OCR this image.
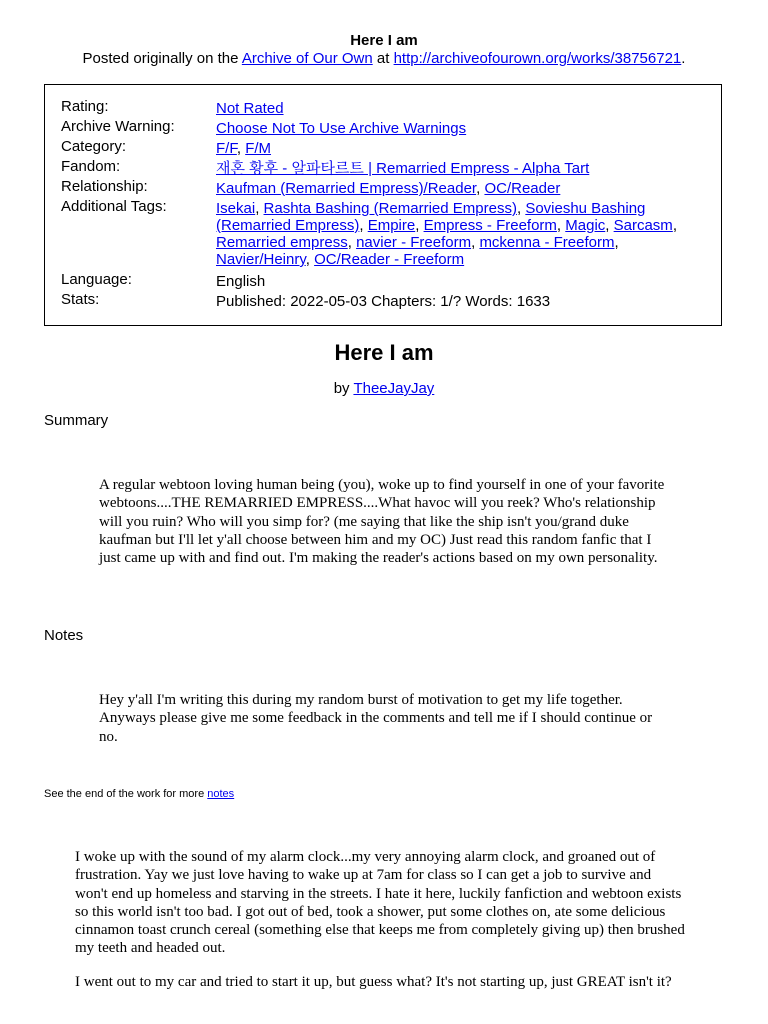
Here I am
Posted originally on the Archive of Our Own at http://archiveofourown.org/works/38756721.
Rating:	Not Rated
Archive Warning:	Choose Not To Use Archive Warnings
Category:	F/F, F/M
Fandom:	재혼 황후 - 알파타르트 | Remarried Empress - Alpha Tart
Relationship:	Kaufman (Remarried Empress)/Reader, OC/Reader
Additional Tags:	Isekai, Rashta Bashing (Remarried Empress), Sovieshu Bashing (Remarried Empress), Empire, Empress - Freeform, Magic, Sarcasm, Remarried empress, navier - Freeform, mckenna - Freeform, Navier/Heinry, OC/Reader - Freeform
Language:	English
Stats:	Published: 2022-05-03 Chapters: 1/? Words: 1633
Here I am
by TheeJayJay
Summary
A regular webtoon loving human being (you), woke up to find yourself in one of your favorite webtoons....THE REMARRIED EMPRESS....What havoc will you reek? Who's relationship will you ruin? Who will you simp for? (me saying that like the ship isn't you/grand duke kaufman but I'll let y'all choose between him and my OC) Just read this random fanfic that I just came up with and find out. I'm making the reader's actions based on my own personality.
Notes
Hey y'all I'm writing this during my random burst of motivation to get my life together. Anyways please give me some feedback in the comments and tell me if I should continue or no.
See the end of the work for more notes
I woke up with the sound of my alarm clock...my very annoying alarm clock, and groaned out of frustration. Yay we just love having to wake up at 7am for class so I can get a job to survive and won't end up homeless and starving in the streets. I hate it here, luckily fanfiction and webtoon exists so this world isn't too bad. I got out of bed, took a shower, put some clothes on, ate some delicious cinnamon toast crunch cereal (something else that keeps me from completely giving up) then brushed my teeth and headed out.
I went out to my car and tried to start it up, but guess what? It's not starting up, just GREAT isn't it?
